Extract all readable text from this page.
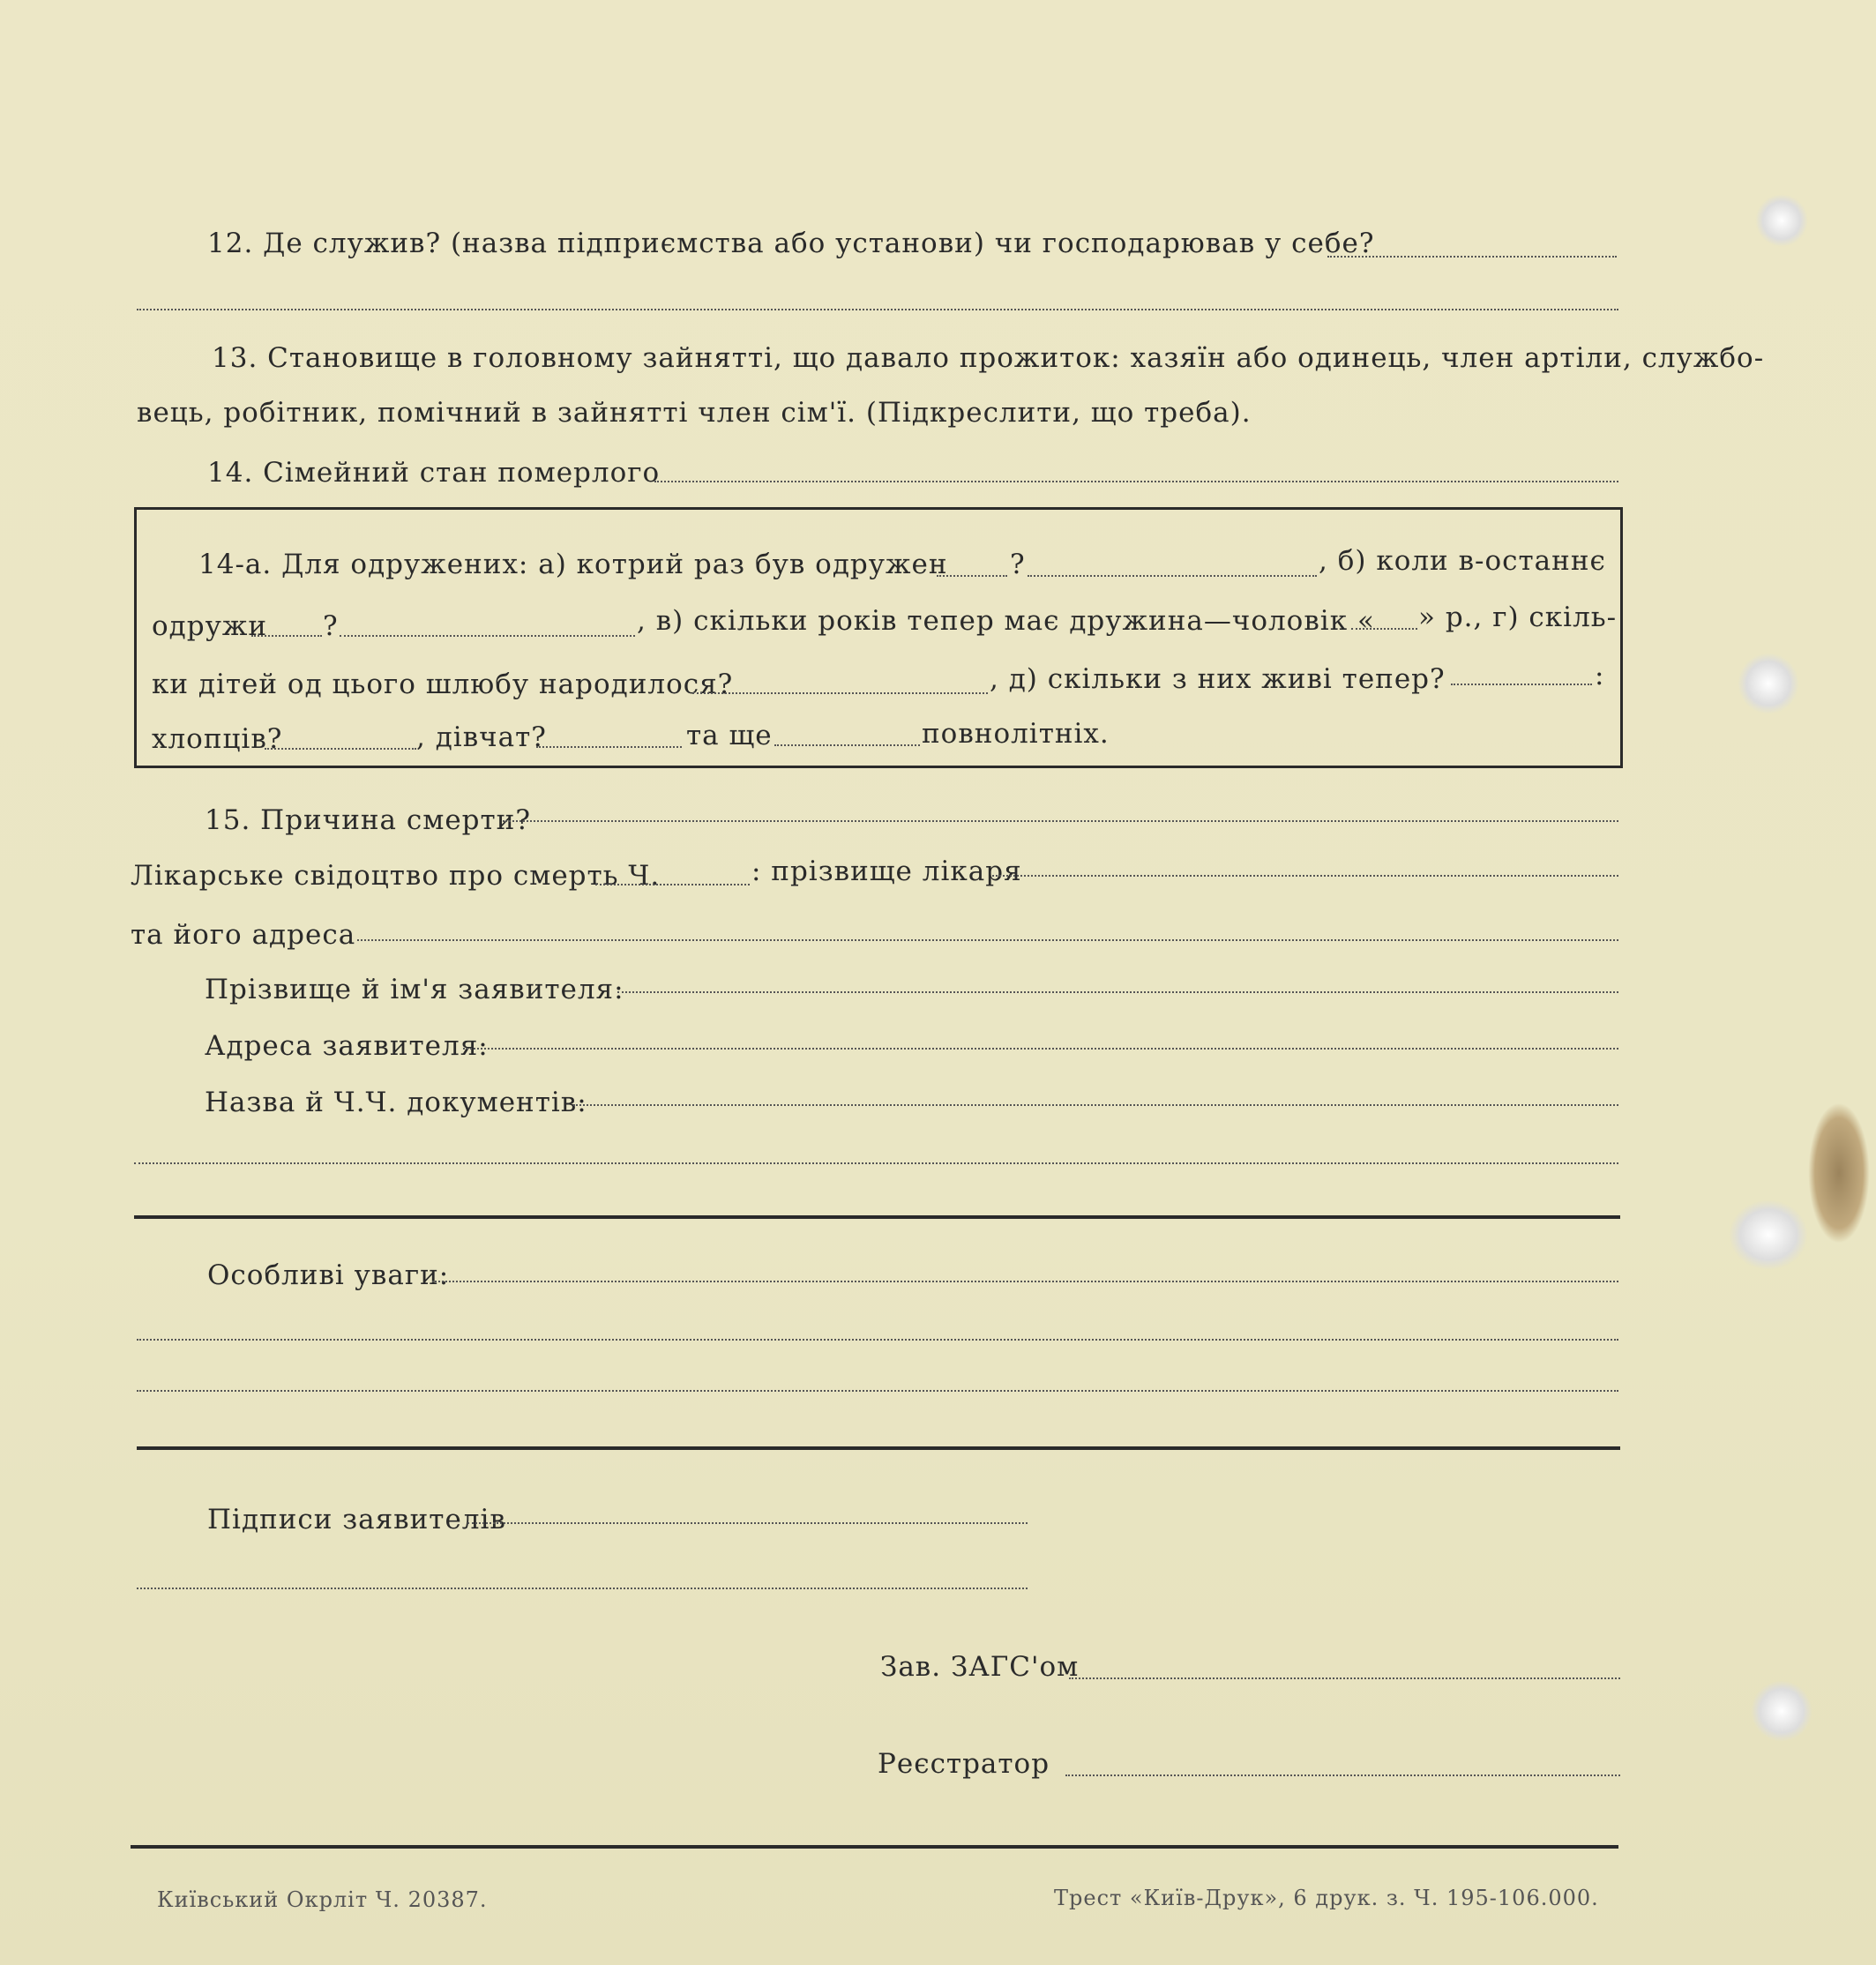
12. Де служив? (назва підприємства або установи) чи господарював у себе?
13. Становище в головному зайнятті, що давало прожиток: хазяїн або одинець, член артіли, службо-
вець, робітник, помічний в зайнятті член сім'ї. (Підкреслити, що треба).
14. Сімейний стан померлого
14-а. Для одружених: а) котрий раз був одружен ?	, б) коли в-останнє
одружи ?	, в) скільки років тепер має дружина—чоловік « » р., г) скіль-
ки дітей од цього шлюбу народилося?	, д) скільки з них живі тепер?	:
хлопців?	, дівчат?	та ще	повнолітніх.
15. Причина смерти?
Лікарське свідоцтво про смерть Ч.	: прізвище лікаря
та його адреса
Прізвище й ім'я заявителя:
Адреса заявителя:
Назва й Ч.Ч. документів:
Особливі уваги:
Підписи заявителів
Зав. ЗАГС'ом
Реєстратор
Київський Окрліт Ч. 20387.	Трест «Київ-Друк», 6 друк. з. Ч. 195-106.000.
